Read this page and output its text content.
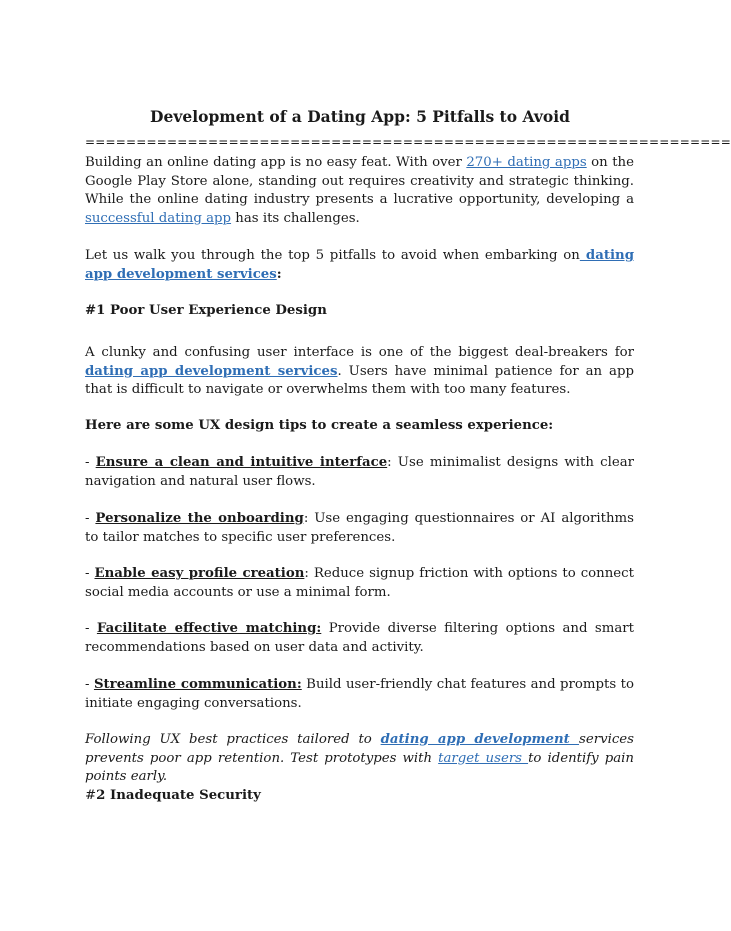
Development of a Dating App: 5 Pitfalls to Avoid
===============================================================

Building an online dating app is no easy feat. With over 270+ dating apps on the Google Play Store alone, standing out requires creativity and strategic thinking. While the online dating industry presents a lucrative opportunity, developing a successful dating app has its challenges.

Let us walk you through the top 5 pitfalls to avoid when embarking on dating app development services:

#1 Poor User Experience Design

A clunky and confusing user interface is one of the biggest deal-breakers for dating app development services. Users have minimal patience for an app that is difficult to navigate or overwhelms them with too many features.

Here are some UX design tips to create a seamless experience:

- Ensure a clean and intuitive interface: Use minimalist designs with clear navigation and natural user flows.

- Personalize the onboarding: Use engaging questionnaires or AI algorithms to tailor matches to specific user preferences.

- Enable easy profile creation: Reduce signup friction with options to connect social media accounts or use a minimal form.

- Facilitate effective matching: Provide diverse filtering options and smart recommendations based on user data and activity.

- Streamline communication: Build user-friendly chat features and prompts to initiate engaging conversations.

Following UX best practices tailored to dating app development services prevents poor app retention. Test prototypes with target users to identify pain points early.

#2 Inadequate Security
